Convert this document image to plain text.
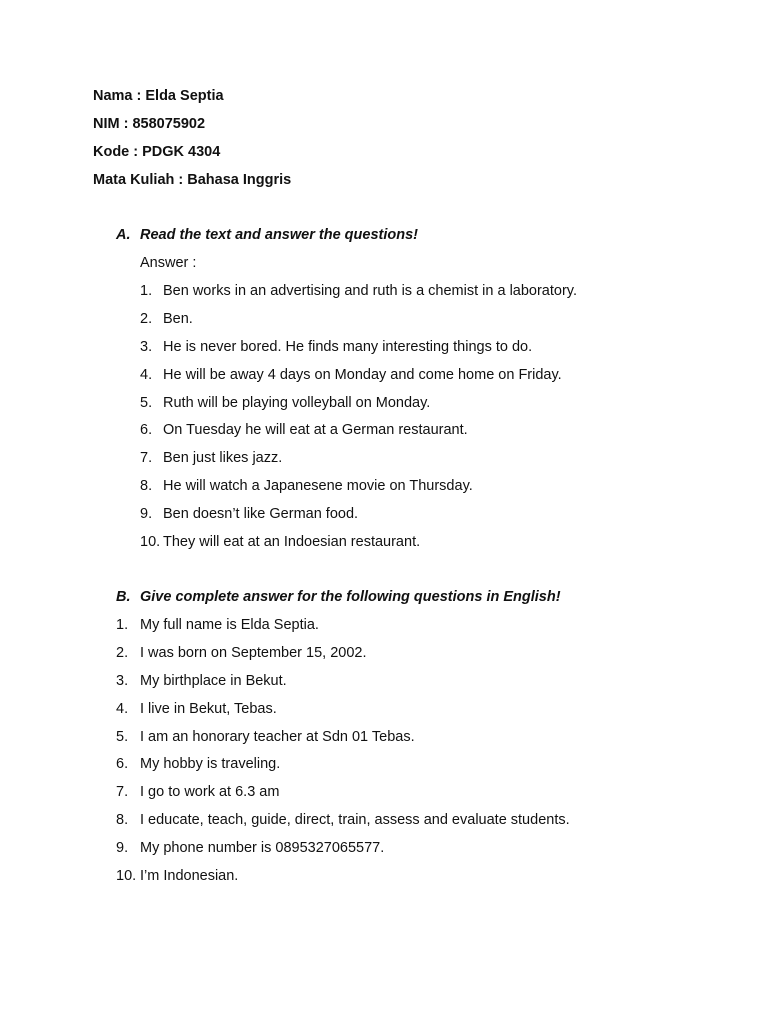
Nama : Elda Septia
NIM : 858075902
Kode : PDGK 4304
Mata Kuliah : Bahasa Inggris
A. Read the text and answer the questions!
Answer :
1. Ben works in an advertising and ruth is a chemist in a laboratory.
2. Ben.
3. He is never bored. He finds many interesting things to do.
4. He will be away 4 days on Monday and come home on Friday.
5. Ruth will be playing volleyball on Monday.
6. On Tuesday he will eat at a German restaurant.
7. Ben just likes jazz.
8. He will watch a Japanesene movie on Thursday.
9. Ben doesn’t like German food.
10. They will eat at an Indoesian restaurant.
B. Give complete answer for the following questions in English!
1. My full name is Elda Septia.
2. I was born on September 15, 2002.
3. My birthplace in Bekut.
4. I live in Bekut, Tebas.
5. I am an honorary teacher at Sdn 01 Tebas.
6. My hobby is traveling.
7. I go to work at 6.3 am
8. I educate, teach, guide, direct, train, assess and evaluate students.
9. My phone number is 0895327065577.
10. I’m Indonesian.
